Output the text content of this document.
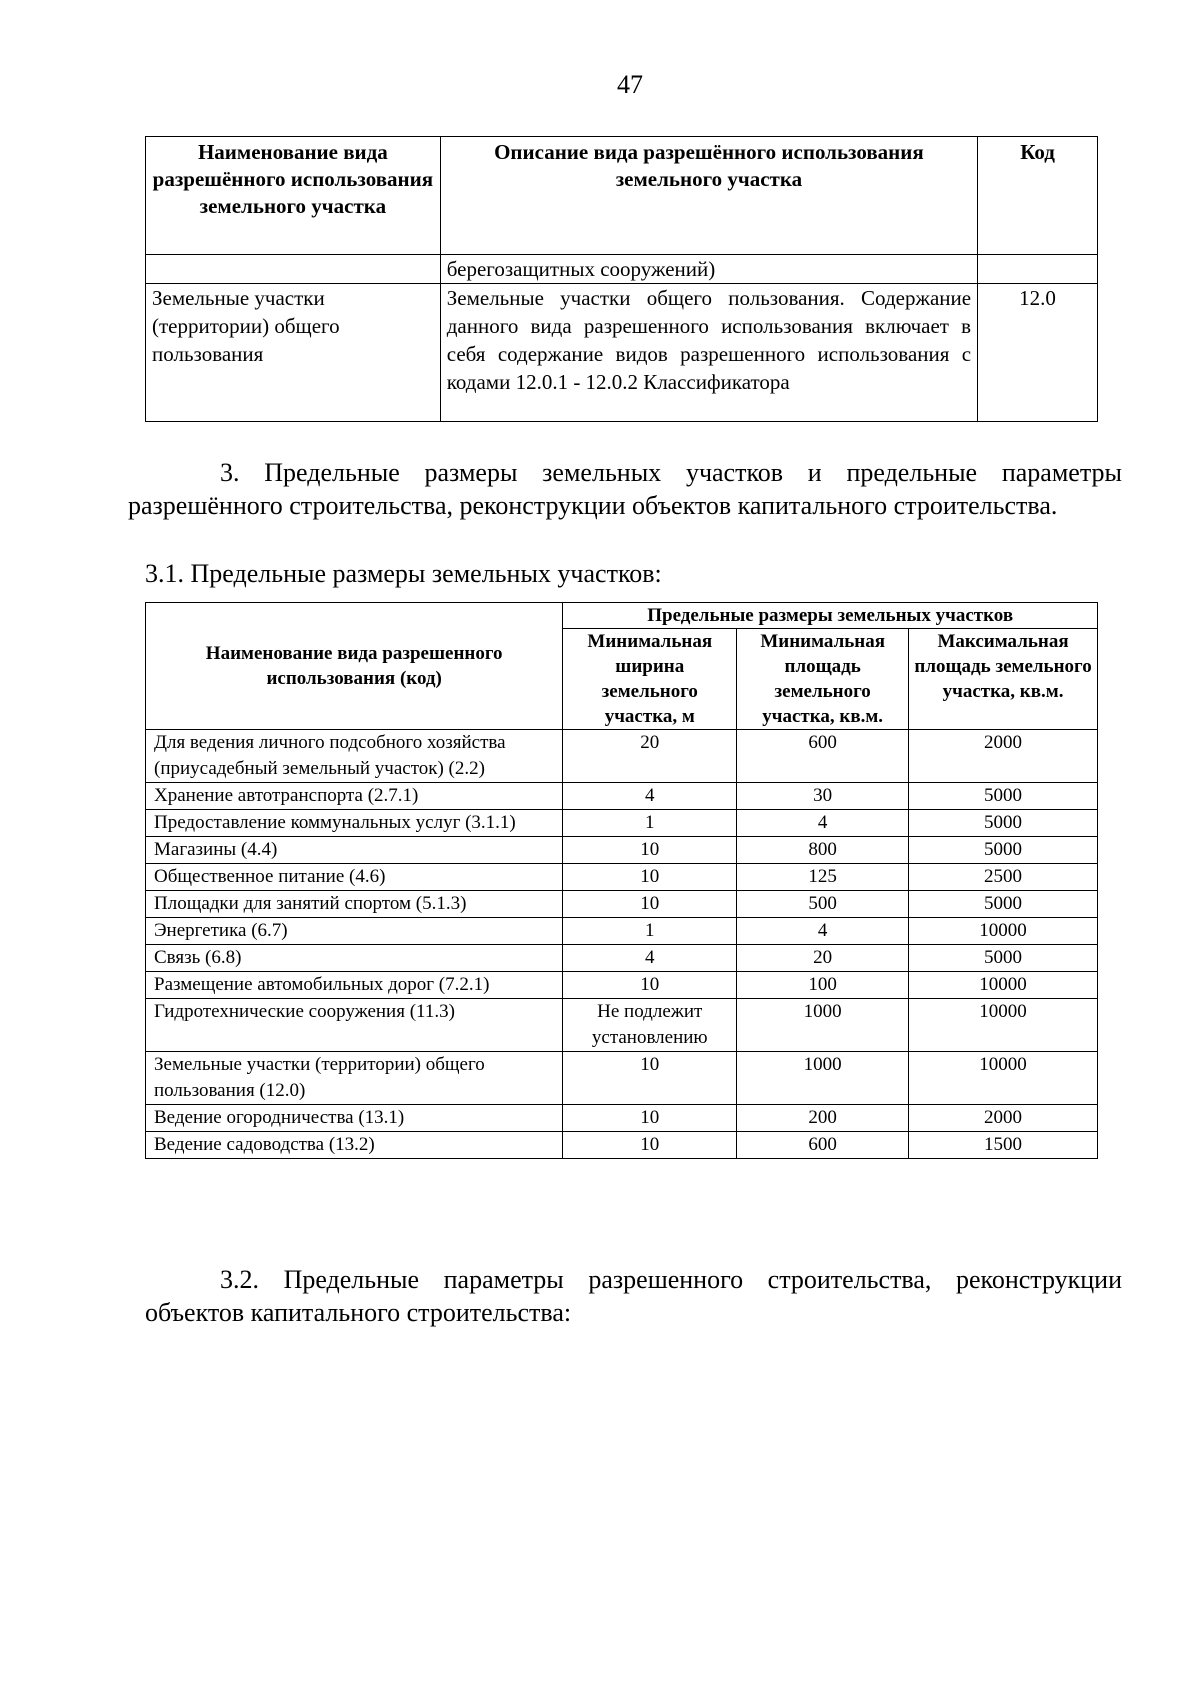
47
Наименование вида разрешённого использования земельного участка	Описание вида разрешённого использования земельного участка	Код
	берегозащитных сооружений)	
Земельные участки (территории) общего пользования	Земельные участки общего пользования. Содержание данного вида разрешенного использования включает в себя содержание видов разрешенного использования с кодами 12.0.1 - 12.0.2 Классификатора	12.0
3. Предельные размеры земельных участков и предельные параметры разрешённого строительства, реконструкции объектов капитального строительства.
3.1. Предельные размеры земельных участков:
Наименование вида разрешенного использования (код)	Предельные размеры земельных участков		
	Минимальная ширина земельного участка, м	Минимальная площадь земельного участка, кв.м.	Максимальная площадь земельного участка, кв.м.
Для ведения личного подсобного хозяйства (приусадебный земельный участок) (2.2)	20	600	2000
Хранение автотранспорта (2.7.1)	4	30	5000
Предоставление коммунальных услуг (3.1.1)	1	4	5000
Магазины (4.4)	10	800	5000
Общественное питание (4.6)	10	125	2500
Площадки для занятий спортом (5.1.3)	10	500	5000
Энергетика (6.7)	1	4	10000
Связь (6.8)	4	20	5000
Размещение автомобильных дорог (7.2.1)	10	100	10000
Гидротехнические сооружения (11.3)	Не подлежит установлению	1000	10000
Земельные участки (территории) общего пользования (12.0)	10	1000	10000
Ведение огородничества (13.1)	10	200	2000
Ведение садоводства (13.2)	10	600	1500
3.2. Предельные параметры разрешенного строительства, реконструкции объектов капитального строительства:
